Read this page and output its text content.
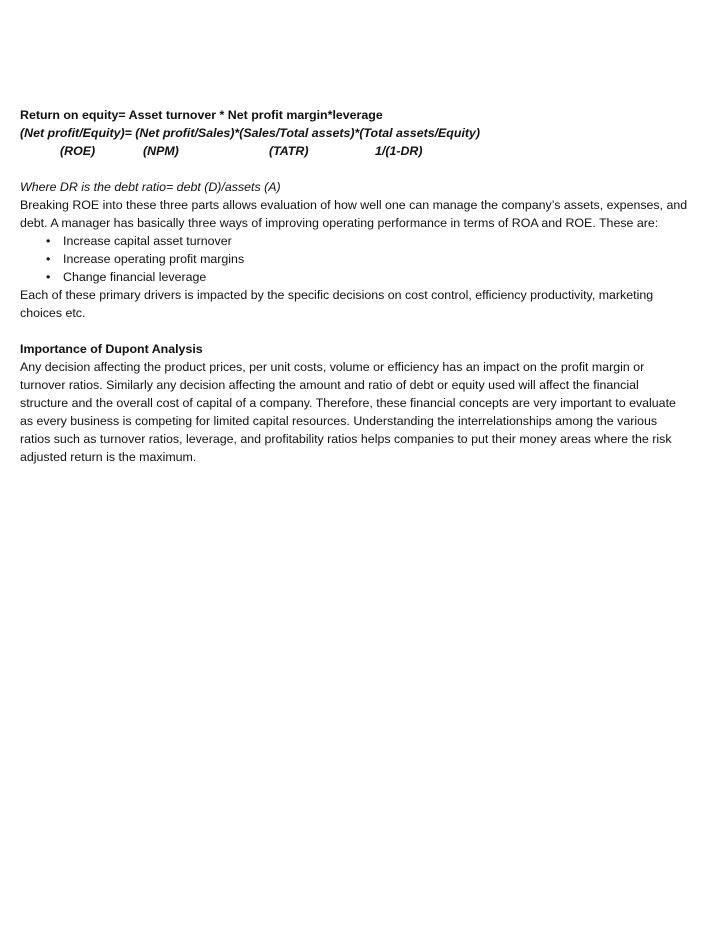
Return on equity= Asset turnover * Net profit margin*leverage
(Net profit/Equity)= (Net profit/Sales)*(Sales/Total assets)*(Total assets/Equity)
(ROE)	(NPM)	(TATR)	1/(1-DR)
Where DR is the debt ratio= debt (D)/assets (A)
Breaking ROE into these three parts allows evaluation of how well one can manage the company’s assets, expenses, and
debt. A manager has basically three ways of improving operating performance in terms of ROA and ROE. These are:
• Increase capital asset turnover
• Increase operating profit margins
• Change financial leverage
Each of these primary drivers is impacted by the specific decisions on cost control, efficiency productivity, marketing
choices etc.
Importance of Dupont Analysis
Any decision affecting the product prices, per unit costs, volume or efficiency has an impact on the profit margin or
turnover ratios. Similarly any decision affecting the amount and ratio of debt or equity used will affect the financial
structure and the overall cost of capital of a company. Therefore, these financial concepts are very important to evaluate
as every business is competing for limited capital resources. Understanding the interrelationships among the various
ratios such as turnover ratios, leverage, and profitability ratios helps companies to put their money areas where the risk
adjusted return is the maximum.
